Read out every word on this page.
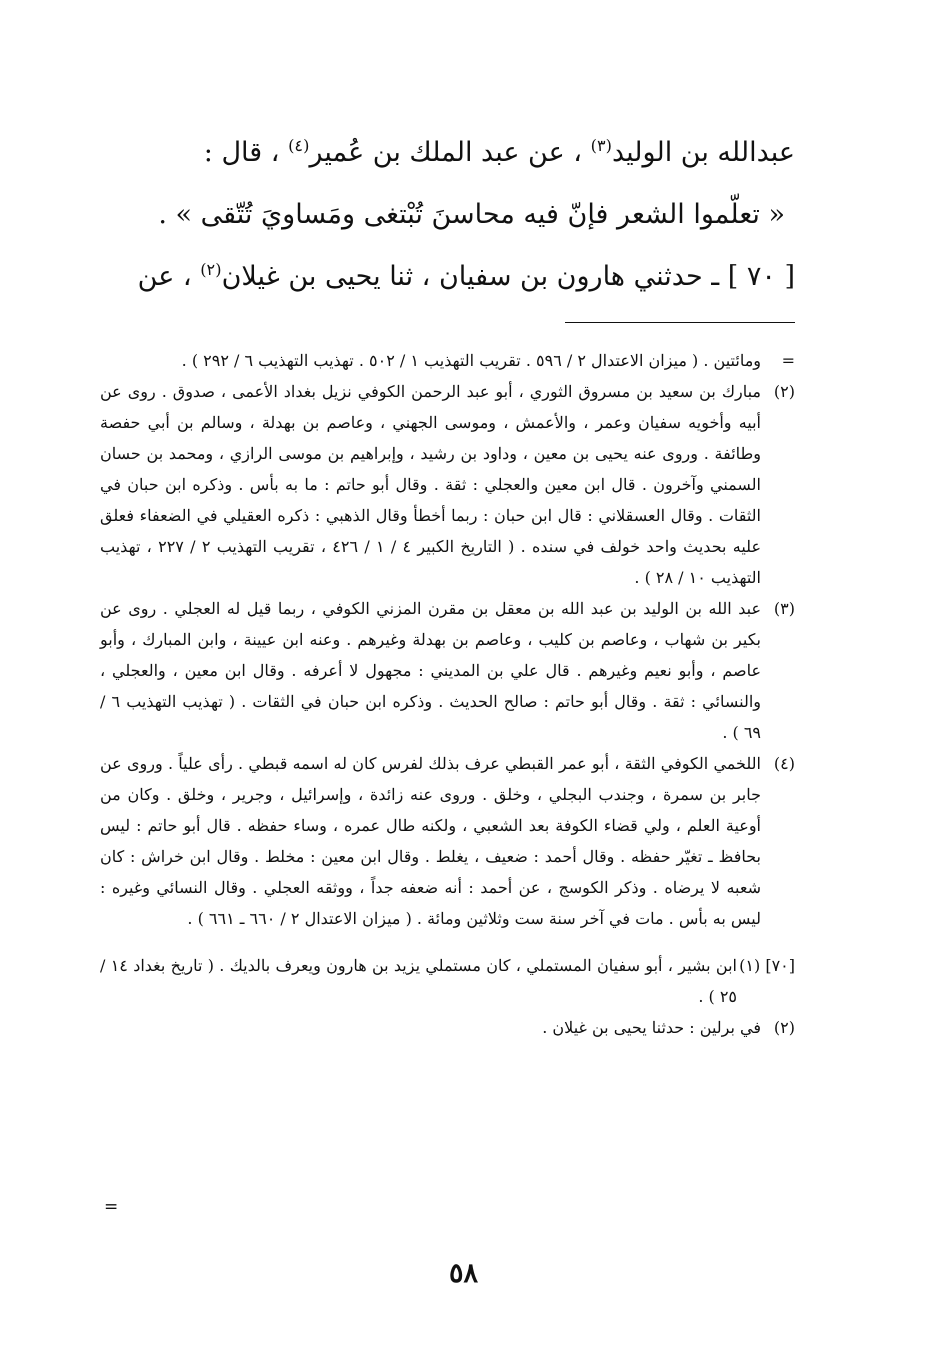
عبدالله بن الوليد$^{(٣)}$ ، عن عبد الملك بن عُمير$^{(٤)}$ ، قال :

« تعلّموا الشعر فإنّ فيه محاسنَ تُبْتغى ومَساويَ تُتّقى » .

[ ٧٠ ] ـ حدثني هارون بن سفيان ، ثنا يحيى بن غيلان$^{(٢)}$ ، عن

=
ومائتين . ( ميزان الاعتدال ٢ / ٥٩٦ . تقريب التهذيب ١ / ٥٠٢ . تهذيب التهذيب ٦ / ٢٩٢ ) .
(٢)
مبارك بن سعيد بن مسروق الثوري ، أبو عبد الرحمن الكوفي نزيل بغداد الأعمى ، صدوق . روى عن أبيه وأخويه سفيان وعمر ، والأعمش ، وموسى الجهني ، وعاصم بن بهدلة ، وسالم بن أبي حفصة وطائفة . وروى عنه يحيى بن معين ، وداود بن رشيد ، وإبراهيم بن موسى الرازي ، ومحمد بن حسان السمني وآخرون . قال ابن معين والعجلي : ثقة . وقال أبو حاتم : ما به بأس . وذكره ابن حبان في الثقات . وقال العسقلاني : قال ابن حبان : ربما أخطأ وقال الذهبي : ذكره العقيلي في الضعفاء فعلق عليه بحديث واحد خولف في سنده . ( التاريخ الكبير ٤ / ١ / ٤٢٦ ، تقريب التهذيب ٢ / ٢٢٧ ، تهذيب التهذيب ١٠ / ٢٨ ) .
(٣)
عبد الله بن الوليد بن عبد الله بن معقل بن مقرن المزني الكوفي ، ربما قيل له العجلي . روى عن بكير بن شهاب ، وعاصم بن كليب ، وعاصم بن بهدلة وغيرهم . وعنه ابن عيينة ، وابن المبارك ، وأبو عاصم ، وأبو نعيم وغيرهم . قال علي بن المديني : مجهول لا أعرفه . وقال ابن معين ، والعجلي ، والنسائي : ثقة . وقال أبو حاتم : صالح الحديث . وذكره ابن حبان في الثقات . ( تهذيب التهذيب ٦ / ٦٩ ) .
(٤)
اللخمي الكوفي الثقة ، أبو عمر القبطي عرف بذلك لفرس كان له اسمه قبطي . رأى علياً . وروى عن جابر بن سمرة ، وجندب البجلي ، وخلق . وروى عنه زائدة ، وإسرائيل ، وجرير ، وخلق . وكان من أوعية العلم ، ولي قضاء الكوفة بعد الشعبي ، ولكنه طال عمره ، وساء حفظه . قال أبو حاتم : ليس بحافظ ـ تغيّر حفظه . وقال أحمد : ضعيف ، يغلط . وقال ابن معين : مخلط . وقال ابن خراش : كان شعبه لا يرضاه . وذكر الكوسج ، عن أحمد : أنه ضعفه جداً ، ووثقه العجلي . وقال النسائي وغيره : ليس به بأس . مات في آخر سنة ست وثلاثين ومائة . ( ميزان الاعتدال ٢ / ٦٦٠ ـ ٦٦١ ) .
[٧٠] (١)
ابن بشير ، أبو سفيان المستملي ، كان مستملي يزيد بن هارون ويعرف بالديك . ( تاريخ بغداد ١٤ / ٢٥ ) .
(٢)
في برلين : حدثنا يحيى بن غيلان .
=
٥٨
